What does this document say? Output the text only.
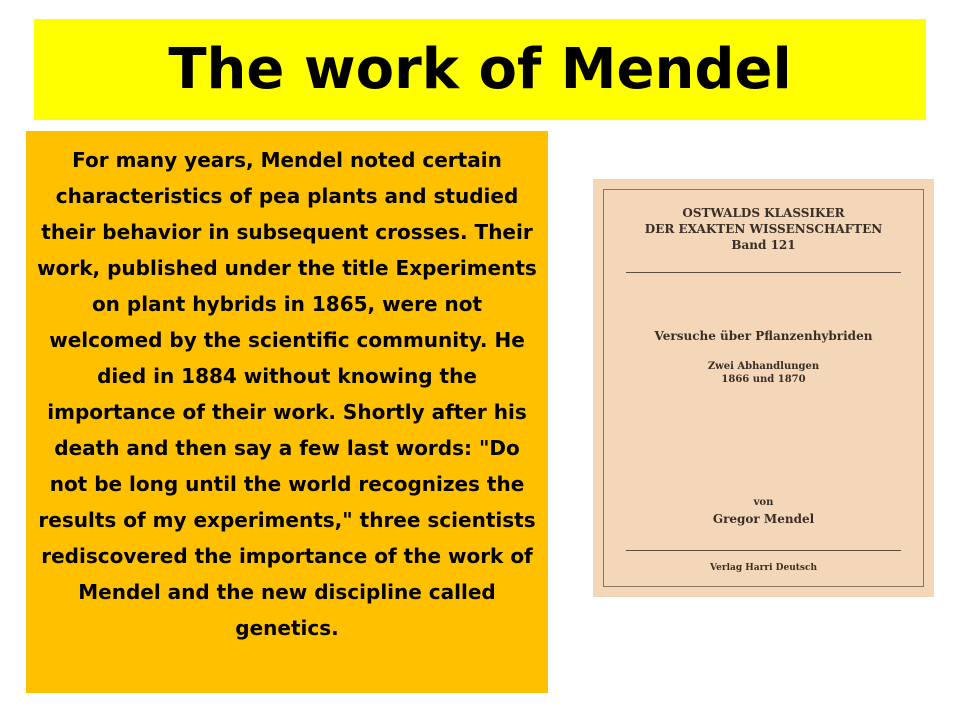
The work of Mendel

For many years, Mendel noted certain characteristics of pea plants and studied their behavior in subsequent crosses. Their work, published under the title Experiments on plant hybrids in 1865, were not welcomed by the scientific community. He died in 1884 without knowing the importance of their work. Shortly after his death and then say a few last words: "Do not be long until the world recognizes the results of my experiments," three scientists rediscovered the importance of the work of Mendel and the new discipline called genetics.

OSTWALDS KLASSIKER
DER EXAKTEN WISSENSCHAFTEN
Band 121
Versuche über Pflanzenhybriden
Zwei Abhandlungen
1866 und 1870
von
Gregor Mendel
Verlag Harri Deutsch
